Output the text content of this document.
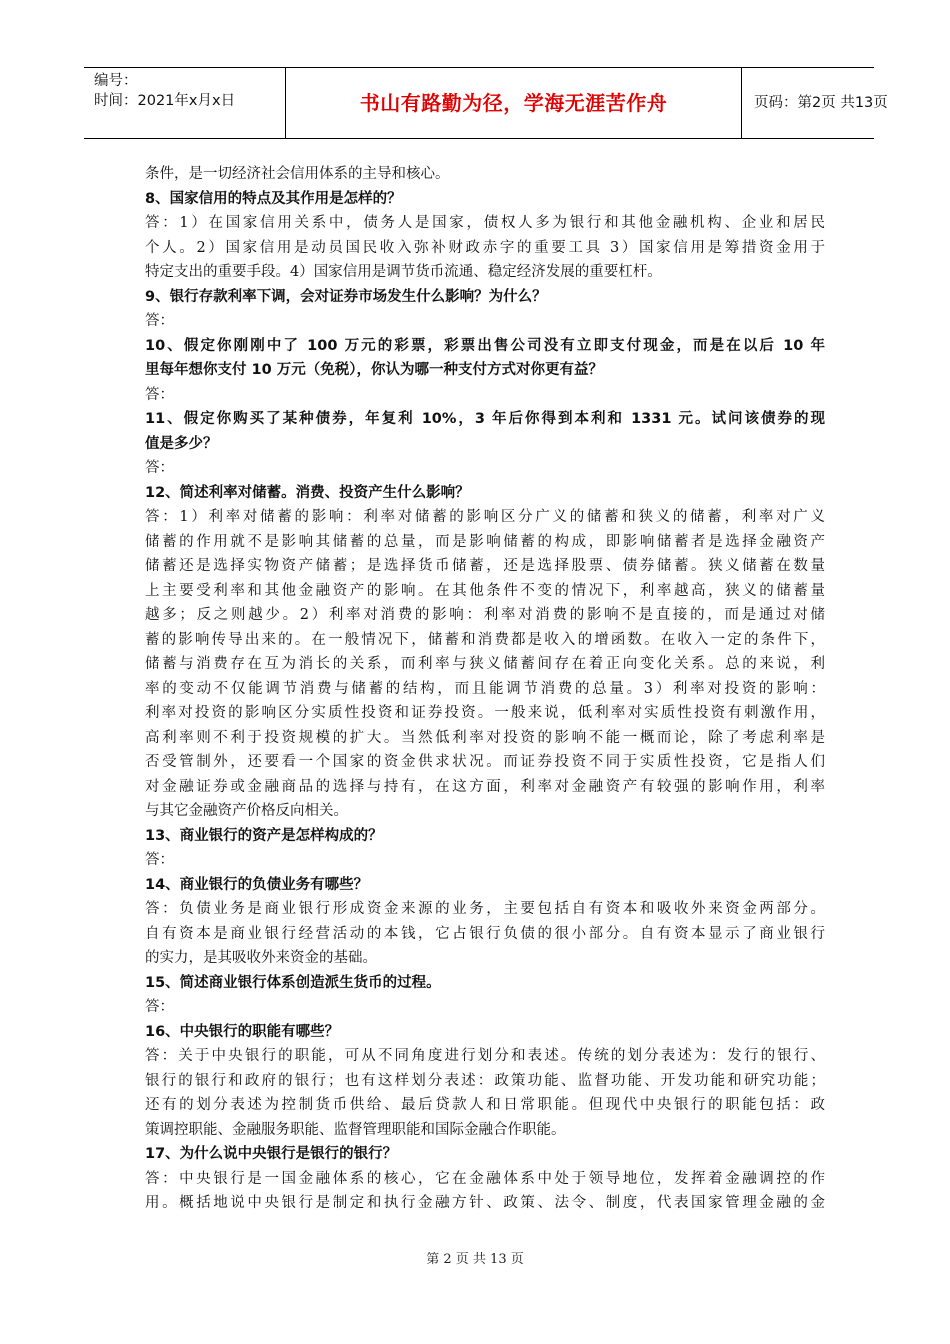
编号：
时间：2021年x月x日	书山有路勤为径，学海无涯苦作舟	页码：第2页 共13页
条件，是一切经济社会信用体系的主导和核心。
8、国家信用的特点及其作用是怎样的？
答：1）在国家信用关系中，债务人是国家，债权人多为银行和其他金融机构、企业和居民
个人。2）国家信用是动员国民收入弥补财政赤字的重要工具 3）国家信用是筹措资金用于
特定支出的重要手段。4）国家信用是调节货币流通、稳定经济发展的重要杠杆。
9、银行存款利率下调，会对证券市场发生什么影响？为什么？
答：
10、假定你刚刚中了 100 万元的彩票，彩票出售公司没有立即支付现金，而是在以后 10 年
里每年想你支付 10 万元（免税），你认为哪一种支付方式对你更有益？
答：
11、假定你购买了某种债券，年复利 10%，3 年后你得到本利和 1331 元。试问该债券的现
值是多少？
答：
12、简述利率对储蓄。消费、投资产生什么影响？
答：1）利率对储蓄的影响：利率对储蓄的影响区分广义的储蓄和狭义的储蓄，利率对广义
储蓄的作用就不是影响其储蓄的总量，而是影响储蓄的构成，即影响储蓄者是选择金融资产
储蓄还是选择实物资产储蓄；是选择货币储蓄，还是选择股票、债券储蓄。狭义储蓄在数量
上主要受利率和其他金融资产的影响。在其他条件不变的情况下，利率越高，狭义的储蓄量
越多；反之则越少。2）利率对消费的影响：利率对消费的影响不是直接的，而是通过对储
蓄的影响传导出来的。在一般情况下，储蓄和消费都是收入的增函数。在收入一定的条件下，
储蓄与消费存在互为消长的关系，而利率与狭义储蓄间存在着正向变化关系。总的来说，利
率的变动不仅能调节消费与储蓄的结构，而且能调节消费的总量。3）利率对投资的影响：
利率对投资的影响区分实质性投资和证券投资。一般来说，低利率对实质性投资有刺激作用，
高利率则不利于投资规模的扩大。当然低利率对投资的影响不能一概而论，除了考虑利率是
否受管制外，还要看一个国家的资金供求状况。而证券投资不同于实质性投资，它是指人们
对金融证券或金融商品的选择与持有，在这方面，利率对金融资产有较强的影响作用，利率
与其它金融资产价格反向相关。
13、商业银行的资产是怎样构成的？
答：
14、商业银行的负债业务有哪些？
答：负债业务是商业银行形成资金来源的业务，主要包括自有资本和吸收外来资金两部分。
自有资本是商业银行经营活动的本钱，它占银行负债的很小部分。自有资本显示了商业银行
的实力，是其吸收外来资金的基础。
15、简述商业银行体系创造派生货币的过程。
答：
16、中央银行的职能有哪些？
答：关于中央银行的职能，可从不同角度进行划分和表述。传统的划分表述为：发行的银行、
银行的银行和政府的银行；也有这样划分表述：政策功能、监督功能、开发功能和研究功能；
还有的划分表述为控制货币供给、最后贷款人和日常职能。但现代中央银行的职能包括：政
策调控职能、金融服务职能、监督管理职能和国际金融合作职能。
17、为什么说中央银行是银行的银行？
答：中央银行是一国金融体系的核心，它在金融体系中处于领导地位，发挥着金融调控的作
用。概括地说中央银行是制定和执行金融方针、政策、法令、制度，代表国家管理金融的金
第 2 页 共 13 页
